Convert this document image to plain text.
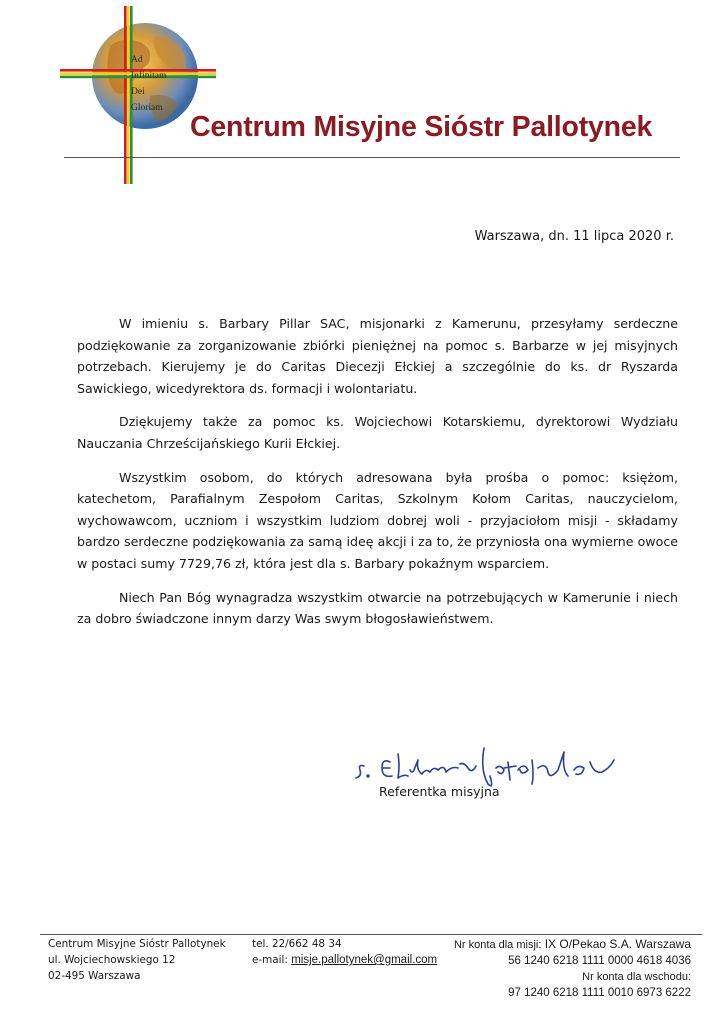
Ad
Infinitam
Dei
Gloriam
Centrum Misyjne Sióstr Pallotynek
Warszawa, dn. 11 lipca 2020 r.

W imieniu s. Barbary Pillar SAC, misjonarki z Kamerunu, przesyłamy serdeczne podziękowanie za zorganizowanie zbiórki pieniężnej na pomoc s. Barbarze w jej misyjnych potrzebach. Kierujemy je do Caritas Diecezji Ełckiej a szczególnie do ks. dr Ryszarda Sawickiego, wicedyrektora ds. formacji i wolontariatu.

Dziękujemy także za pomoc ks. Wojciechowi Kotarskiemu, dyrektorowi Wydziału Nauczania Chrześcijańskiego Kurii Ełckiej.

Wszystkim osobom, do których adresowana była prośba o pomoc: księżom, katechetom, Parafialnym Zespołom Caritas, Szkolnym Kołom Caritas, nauczycielom, wychowawcom, uczniom i wszystkim ludziom dobrej woli - przyjaciołom misji - składamy bardzo serdeczne podziękowania za samą ideę akcji i za to, że przyniosła ona wymierne owoce w postaci sumy 7729,76 zł, która jest dla s. Barbary pokaźnym wsparciem.

Niech Pan Bóg wynagradza wszystkim otwarcie na potrzebujących w Kamerunie i niech za dobro świadczone innym darzy Was swym błogosławieństwem.

Referentka misyjna
Centrum Misyjne Sióstr Pallotynek
ul. Wojciechowskiego 12
02-495 Warszawa
tel. 22/662 48 34
e-mail: misje.pallotynek@gmail.com
Nr konta dla misji: IX O/Pekao S.A. Warszawa
56 1240 6218 1111 0000 4618 4036
Nr konta dla wschodu:
97 1240 6218 1111 0010 6973 6222
